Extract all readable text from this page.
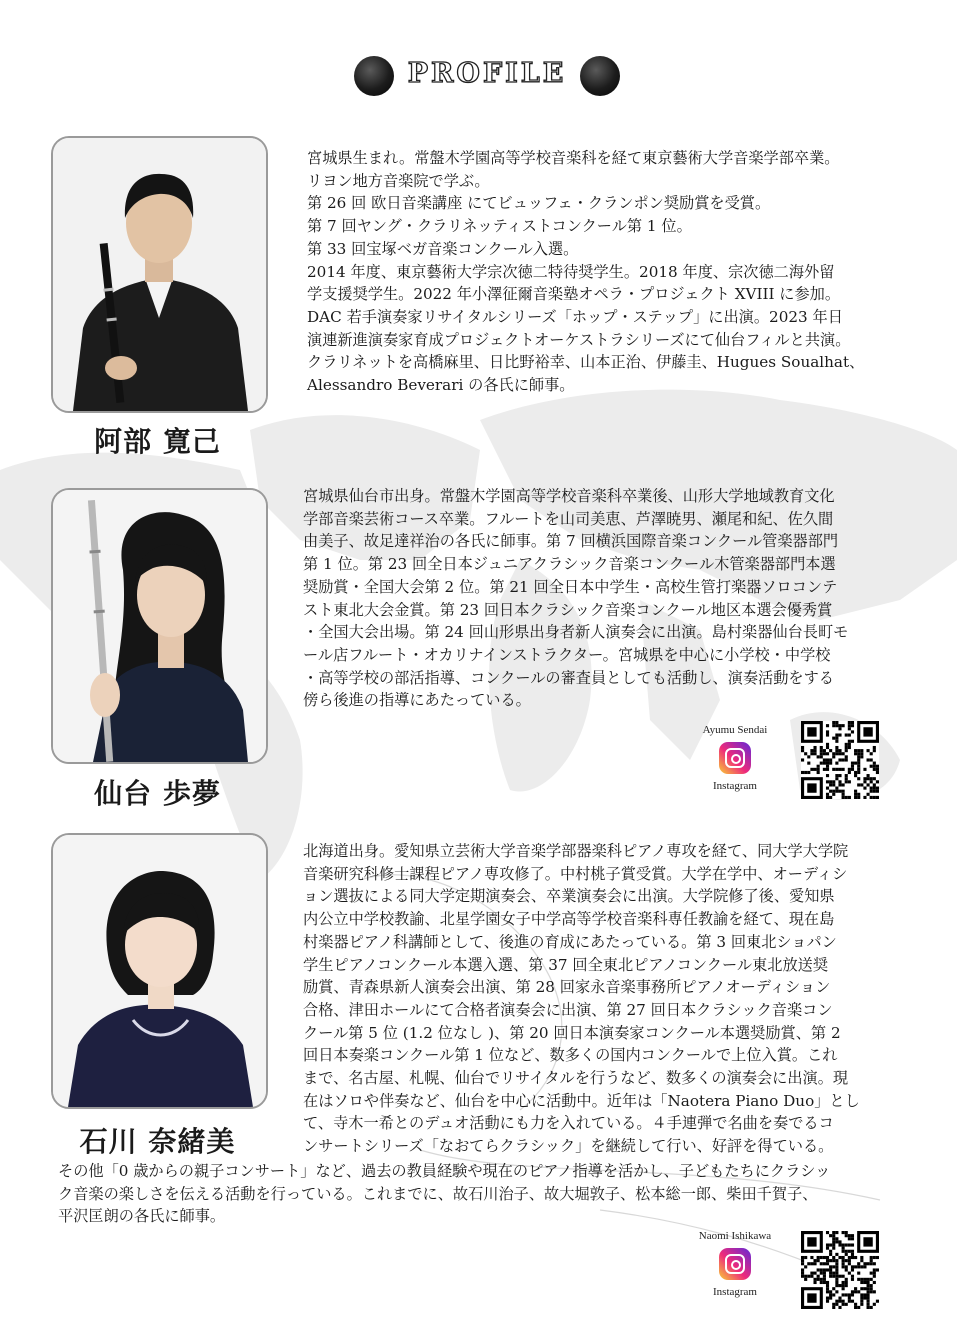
PROFILE
阿部 寛己
宮城県生まれ。常盤木学園高等学校音楽科を経て東京藝術大学音楽学部卒業。
リヨン地方音楽院で学ぶ。
第 26 回 欧日音楽講座 にてビュッフェ・クランポン奨励賞を受賞。
第 7 回ヤング・クラリネッティストコンクール第 1 位。
第 33 回宝塚ベガ音楽コンクール入選。
2014 年度、東京藝術大学宗次徳二特待奨学生。2018 年度、宗次徳二海外留
学支援奨学生。2022 年小澤征爾音楽塾オペラ・プロジェクト XVIII に参加。
DAC 若手演奏家リサイタルシリーズ「ホップ・ステップ」に出演。2023 年日
演連新進演奏家育成プロジェクトオーケストラシリーズにて仙台フィルと共演。
クラリネットを高橋麻里、日比野裕幸、山本正治、伊藤圭、Hugues Soualhat、
Alessandro Beverari の各氏に師事。
仙台 歩夢
宮城県仙台市出身。常盤木学園高等学校音楽科卒業後、山形大学地域教育文化
学部音楽芸術コース卒業。フルートを山司美恵、芦澤暁男、瀬尾和紀、佐久間
由美子、故足達祥治の各氏に師事。第 7 回横浜国際音楽コンクール管楽器部門
第 1 位。第 23 回全日本ジュニアクラシック音楽コンクール木管楽器部門本選
奨励賞・全国大会第 2 位。第 21 回全日本中学生・高校生管打楽器ソロコンテ
スト東北大会金賞。第 23 回日本クラシック音楽コンクール地区本選会優秀賞
・全国大会出場。第 24 回山形県出身者新人演奏会に出演。島村楽器仙台長町モ
ール店フルート・オカリナインストラクター。宮城県を中心に小学校・中学校
・高等学校の部活指導、コンクールの審査員としても活動し、演奏活動をする
傍ら後進の指導にあたっている。
Ayumu Sendai
Instagram
石川 奈緒美
北海道出身。愛知県立芸術大学音楽学部器楽科ピアノ専攻を経て、同大学大学院
音楽研究科修士課程ピアノ専攻修了。中村桃子賞受賞。大学在学中、オーディシ
ョン選抜による同大学定期演奏会、卒業演奏会に出演。大学院修了後、愛知県
内公立中学校教諭、北星学園女子中学高等学校音楽科専任教諭を経て、現在島
村楽器ピアノ科講師として、後進の育成にあたっている。第 3 回東北ショパン
学生ピアノコンクール本選入選、第 37 回全東北ピアノコンクール東北放送奨
励賞、青森県新人演奏会出演、第 28 回家永音楽事務所ピアノオーディション
合格、津田ホールにて合格者演奏会に出演、第 27 回日本クラシック音楽コン
クール第 5 位 (1.2 位なし )、第 20 回日本演奏家コンクール本選奨励賞、第 2
回日本奏楽コンクール第 1 位など、数多くの国内コンクールで上位入賞。これ
まで、名古屋、札幌、仙台でリサイタルを行うなど、数多くの演奏会に出演。現
在はソロや伴奏など、仙台を中心に活動中。近年は「Naotera Piano Duo」とし
て、寺木一希とのデュオ活動にも力を入れている。４手連弾で名曲を奏でるコ
ンサートシリーズ「なおてらクラシック」を継続して行い、好評を得ている。
その他「0 歳からの親子コンサート」など、過去の教員経験や現在のピアノ指導を活かし、子どもたちにクラシッ
ク音楽の楽しさを伝える活動を行っている。これまでに、故石川治子、故大堀敦子、松本総一郎、柴田千賀子、
平沢匡朗の各氏に師事。
Naomi Ishikawa
Instagram
